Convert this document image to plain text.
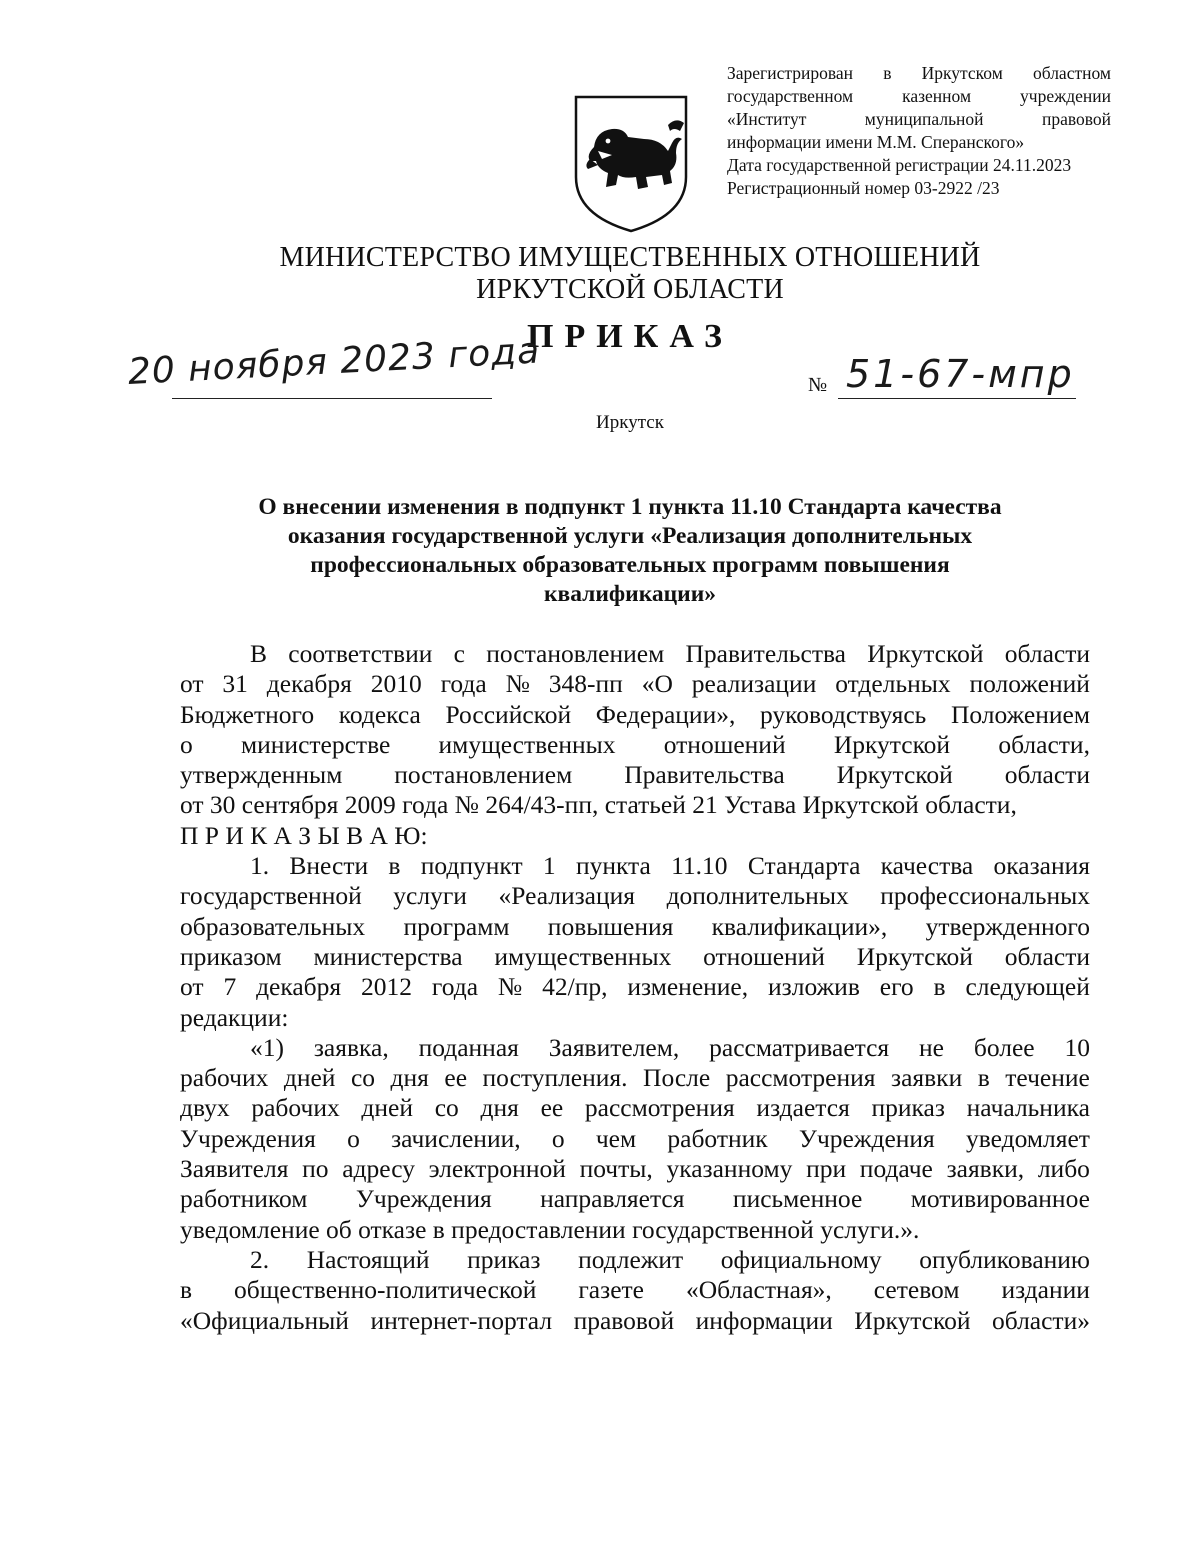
Зарегистрирован в Иркутском областном
государственном	казенном	учреждении
«Институт	муниципальной	правовой
информации имени М.М. Сперанского»
Дата государственной регистрации 24.11.2023
Регистрационный номер 03-2922 /23
МИНИСТЕРСТВО ИМУЩЕСТВЕННЫХ ОТНОШЕНИЙ
ИРКУТСКОЙ ОБЛАСТИ
ПРИКАЗ
20 ноября 2023 года	№ 51-67-мпр
Иркутск
О внесении изменения в подпункт 1 пункта 11.10 Стандарта качества
оказания государственной услуги «Реализация дополнительных
профессиональных образовательных программ повышения
квалификации»
В соответствии с постановлением Правительства Иркутской области
от 31 декабря 2010 года № 348-пп «О реализации отдельных положений
Бюджетного кодекса Российской Федерации», руководствуясь Положением
о министерстве имущественных отношений Иркутской области,
утвержденным постановлением Правительства Иркутской области
от 30 сентября 2009 года № 264/43-пп, статьей 21 Устава Иркутской области,
П Р И К А З Ы В А Ю:
1. Внести в подпункт 1 пункта 11.10 Стандарта качества оказания
государственной услуги «Реализация дополнительных профессиональных
образовательных программ повышения квалификации», утвержденного
приказом министерства имущественных отношений Иркутской области
от 7 декабря 2012 года № 42/пр, изменение, изложив его в следующей
редакции:
«1) заявка, поданная Заявителем, рассматривается не более 10
рабочих дней со дня ее поступления. После рассмотрения заявки в течение
двух рабочих дней со дня ее рассмотрения издается приказ начальника
Учреждения о зачислении, о чем работник Учреждения уведомляет
Заявителя по адресу электронной почты, указанному при подаче заявки, либо
работником Учреждения направляется письменное мотивированное
уведомление об отказе в предоставлении государственной услуги.».
2. Настоящий приказ подлежит официальному опубликованию
в общественно-политической газете «Областная», сетевом издании
«Официальный интернет-портал правовой информации Иркутской области»
